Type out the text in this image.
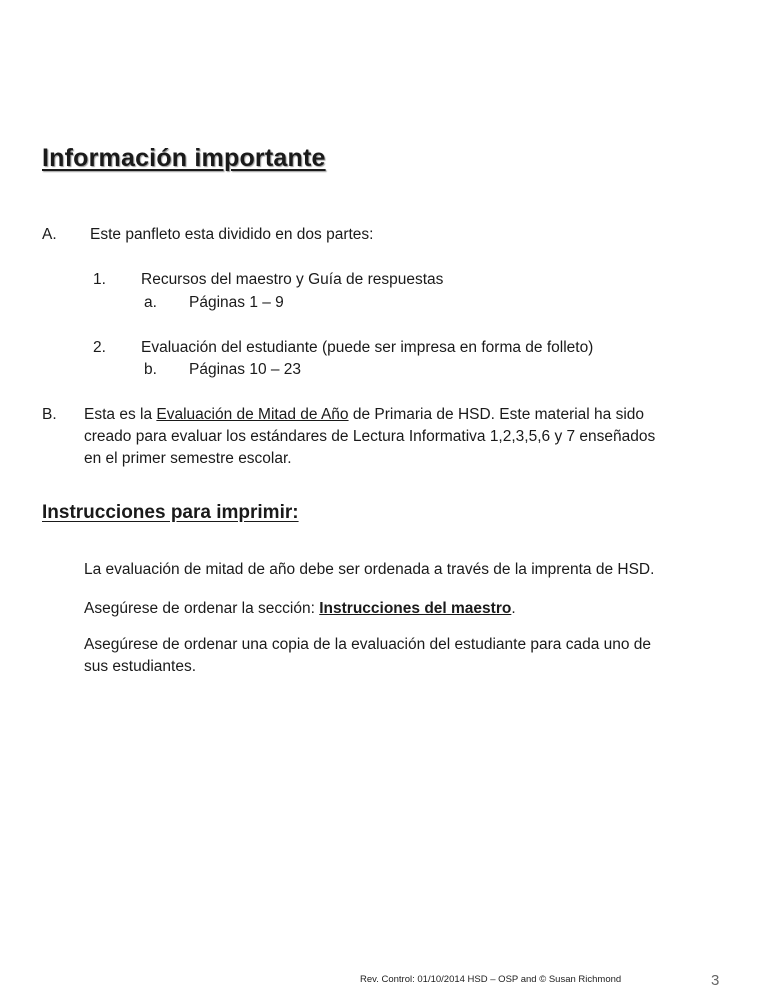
Información importante
A. Este panfleto esta dividido en dos partes:
1. Recursos del maestro y Guía de respuestas
a. Páginas 1 – 9
2. Evaluación del estudiante (puede ser impresa en forma de folleto)
b. Páginas 10 – 23
B. Esta es la Evaluación de Mitad de Año de Primaria de HSD. Este material ha sido
creado para evaluar los estándares de Lectura Informativa 1,2,3,5,6 y 7 enseñados
en el primer semestre escolar.
Instrucciones para imprimir:
La evaluación de mitad de año debe ser ordenada a través de la imprenta de HSD.
Asegúrese de ordenar la sección: Instrucciones del maestro.
Asegúrese de ordenar una copia de la evaluación del estudiante para cada uno de
sus estudiantes.
Rev. Control: 01/10/2014 HSD – OSP and © Susan Richmond	3
